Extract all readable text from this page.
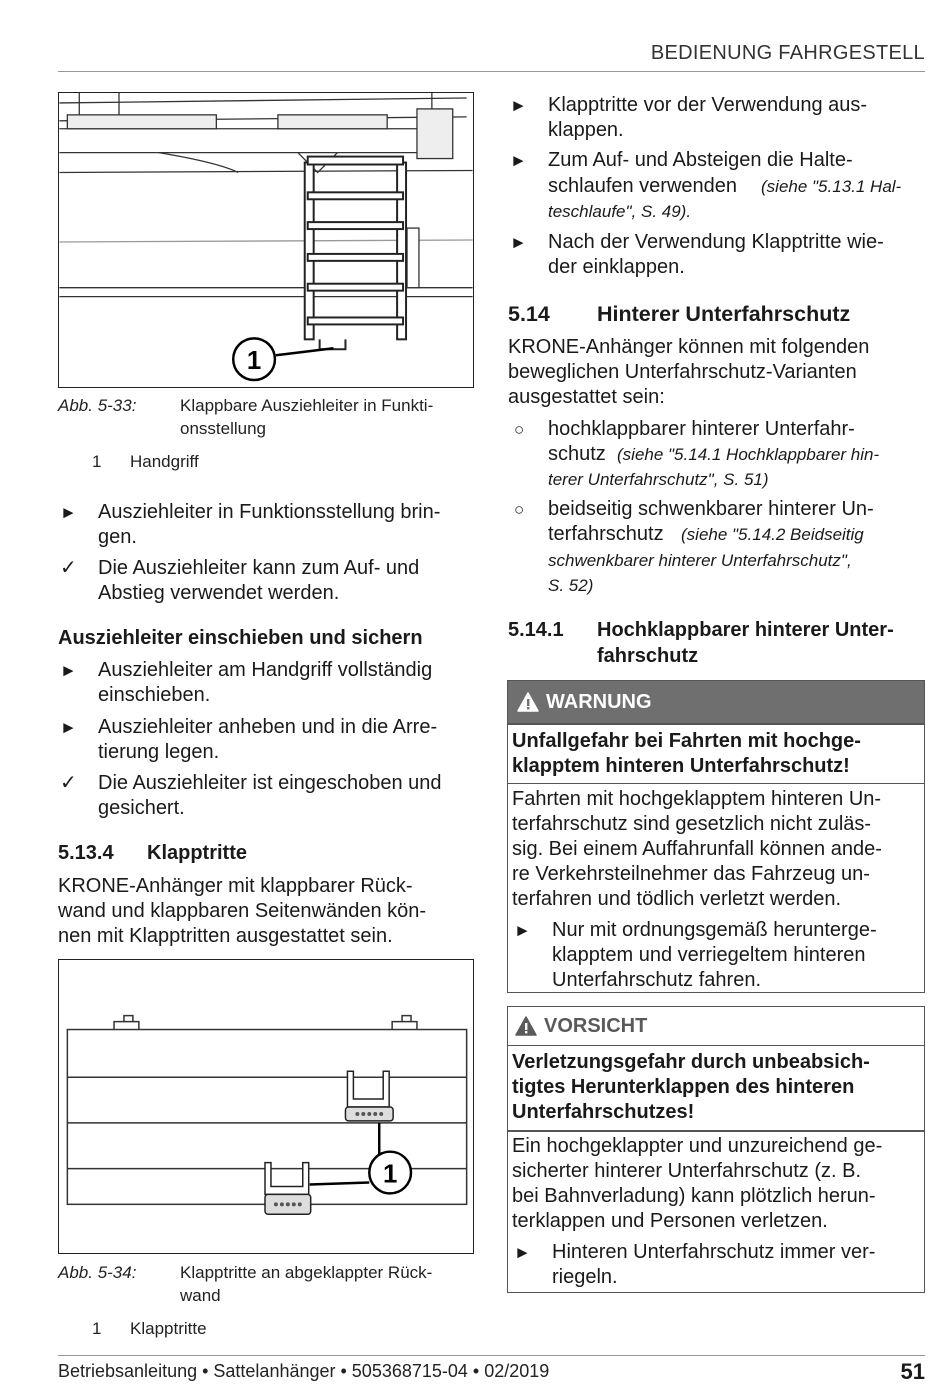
BEDIENUNG FAHRGESTELL
1
Abb. 5-33:	Klappbare Ausziehleiter in Funkti-
onsstellung
1 Handgriff
► Ausziehleiter in Funktionsstellung brin-
gen.
✓ Die Ausziehleiter kann zum Auf- und
Abstieg verwendet werden.
Ausziehleiter einschieben und sichern
► Ausziehleiter am Handgriff vollständig
einschieben.
► Ausziehleiter anheben und in die Arre-
tierung legen.
✓ Die Ausziehleiter ist eingeschoben und
gesichert.
5.13.4 Klapptritte
KRONE-Anhänger mit klappbarer Rück-
wand und klappbaren Seitenwänden kön-
nen mit Klapptritten ausgestattet sein.
1
Abb. 5-34:	Klapptritte an abgeklappter Rück-
wand
1 Klapptritte
► Klapptritte vor der Verwendung aus-
klappen.
► Zum Auf- und Absteigen die Halte-
schlaufen verwenden (siehe "5.13.1 Hal-
teschlaufe", S. 49).
► Nach der Verwendung Klapptritte wie-
der einklappen.
5.14 Hinterer Unterfahrschutz
KRONE-Anhänger können mit folgenden
beweglichen Unterfahrschutz-Varianten
ausgestattet sein:
○ hochklappbarer hinterer Unterfahr-
schutz (siehe "5.14.1 Hochklappbarer hin-
terer Unterfahrschutz", S. 51)
○ beidseitig schwenkbarer hinterer Un-
terfahrschutz (siehe "5.14.2 Beidseitig
schwenkbarer hinterer Unterfahrschutz",
S. 52)
5.14.1 Hochklappbarer hinterer Unter-
fahrschutz
WARNUNG
Unfallgefahr bei Fahrten mit hochge-
klapptem hinteren Unterfahrschutz!
Fahrten mit hochgeklapptem hinteren Un-
terfahrschutz sind gesetzlich nicht zuläs-
sig. Bei einem Auffahrunfall können ande-
re Verkehrsteilnehmer das Fahrzeug un-
terfahren und tödlich verletzt werden.
► Nur mit ordnungsgemäß herunterge-
klapptem und verriegeltem hinteren
Unterfahrschutz fahren.
VORSICHT
Verletzungsgefahr durch unbeabsich-
tigtes Herunterklappen des hinteren
Unterfahrschutzes!
Ein hochgeklappter und unzureichend ge-
sicherter hinterer Unterfahrschutz (z. B.
bei Bahnverladung) kann plötzlich herun-
terklappen und Personen verletzen.
► Hinteren Unterfahrschutz immer ver-
riegeln.
Betriebsanleitung • Sattelanhänger • 505368715-04 • 02/2019	51
